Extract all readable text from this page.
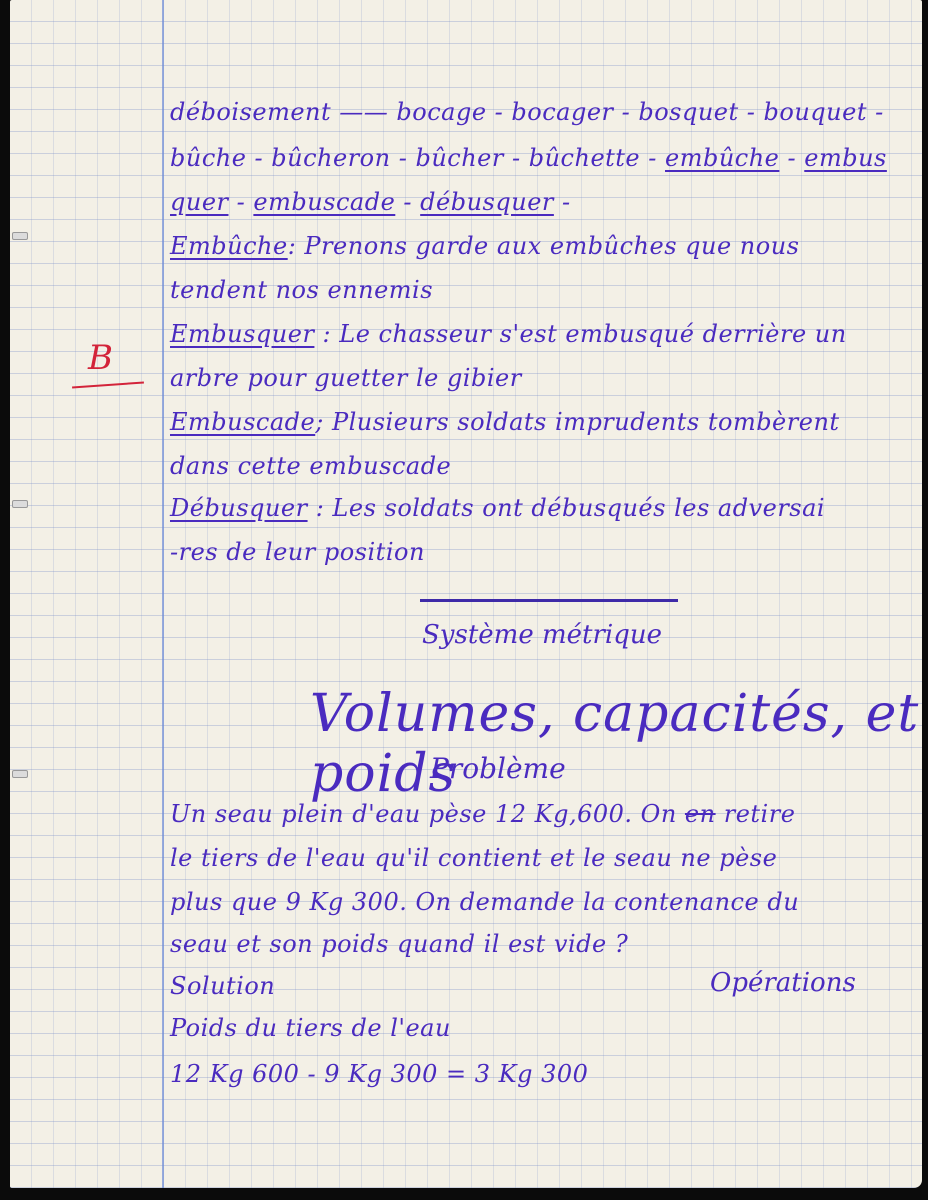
B
déboisement —— bocage - bocager - bosquet - bouquet -
bûche - bûcheron - bûcher - bûchette - embûche - embus
quer - embuscade - débusquer -
Embûche: Prenons garde aux embûches que nous
tendent nos ennemis
Embusquer : Le chasseur s'est embusqué derrière un
arbre pour guetter le gibier
Embuscade; Plusieurs soldats imprudents tombèrent
dans cette embuscade
Débusquer : Les soldats ont débusqués les adversai
-res de leur position
Système métrique
Volumes, capacités, et poids
Problème
Un seau plein d'eau pèse 12 Kg,600. On en retire
le tiers de l'eau qu'il contient et le seau ne pèse
plus que 9 Kg 300. On demande la contenance du
seau et son poids quand il est vide ?
Solution	Opérations
Poids du tiers de l'eau
12 Kg 600 - 9 Kg 300 = 3 Kg 300
